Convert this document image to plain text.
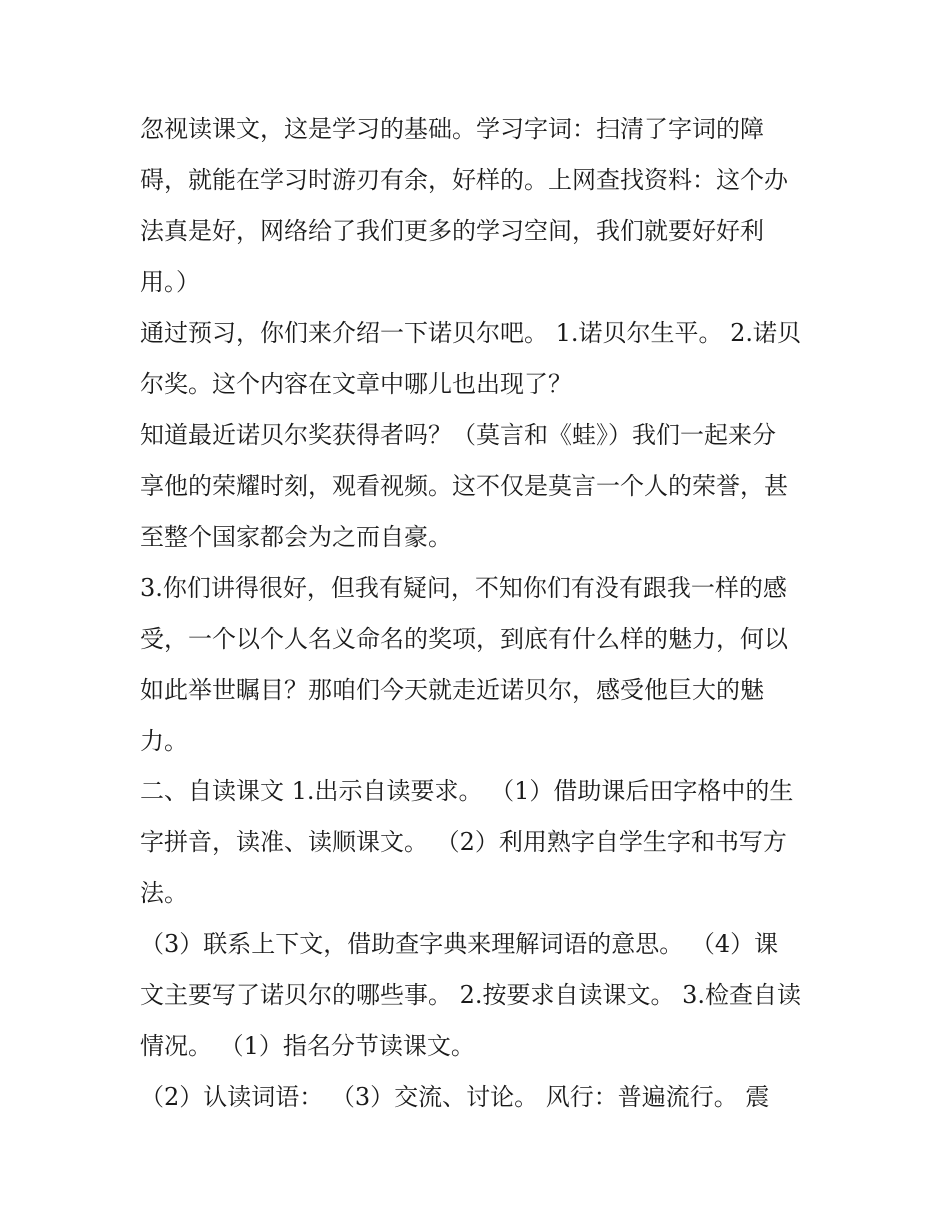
忽视读课文，这是学习的基础。学习字词：扫清了字词的障
碍，就能在学习时游刃有余，好样的。上网查找资料：这个办
法真是好，网络给了我们更多的学习空间，我们就要好好利
用。）
通过预习，你们来介绍一下诺贝尔吧。 1.诺贝尔生平。 2.诺贝
尔奖。这个内容在文章中哪儿也出现了？
知道最近诺贝尔奖获得者吗？（莫言和《蛙》）我们一起来分
享他的荣耀时刻，观看视频。这不仅是莫言一个人的荣誉，甚
至整个国家都会为之而自豪。
3.你们讲得很好，但我有疑问，不知你们有没有跟我一样的感
受，一个以个人名义命名的奖项，到底有什么样的魅力，何以
如此举世瞩目？那咱们今天就走近诺贝尔，感受他巨大的魅
力。
二、自读课文 1.出示自读要求。 （1）借助课后田字格中的生
字拼音，读准、读顺课文。 （2）利用熟字自学生字和书写方
法。
（3）联系上下文，借助查字典来理解词语的意思。 （4）课
文主要写了诺贝尔的哪些事。 2.按要求自读课文。 3.检查自读
情况。 （1）指名分节读课文。
（2）认读词语： （3）交流、讨论。 风行：普遍流行。 震
